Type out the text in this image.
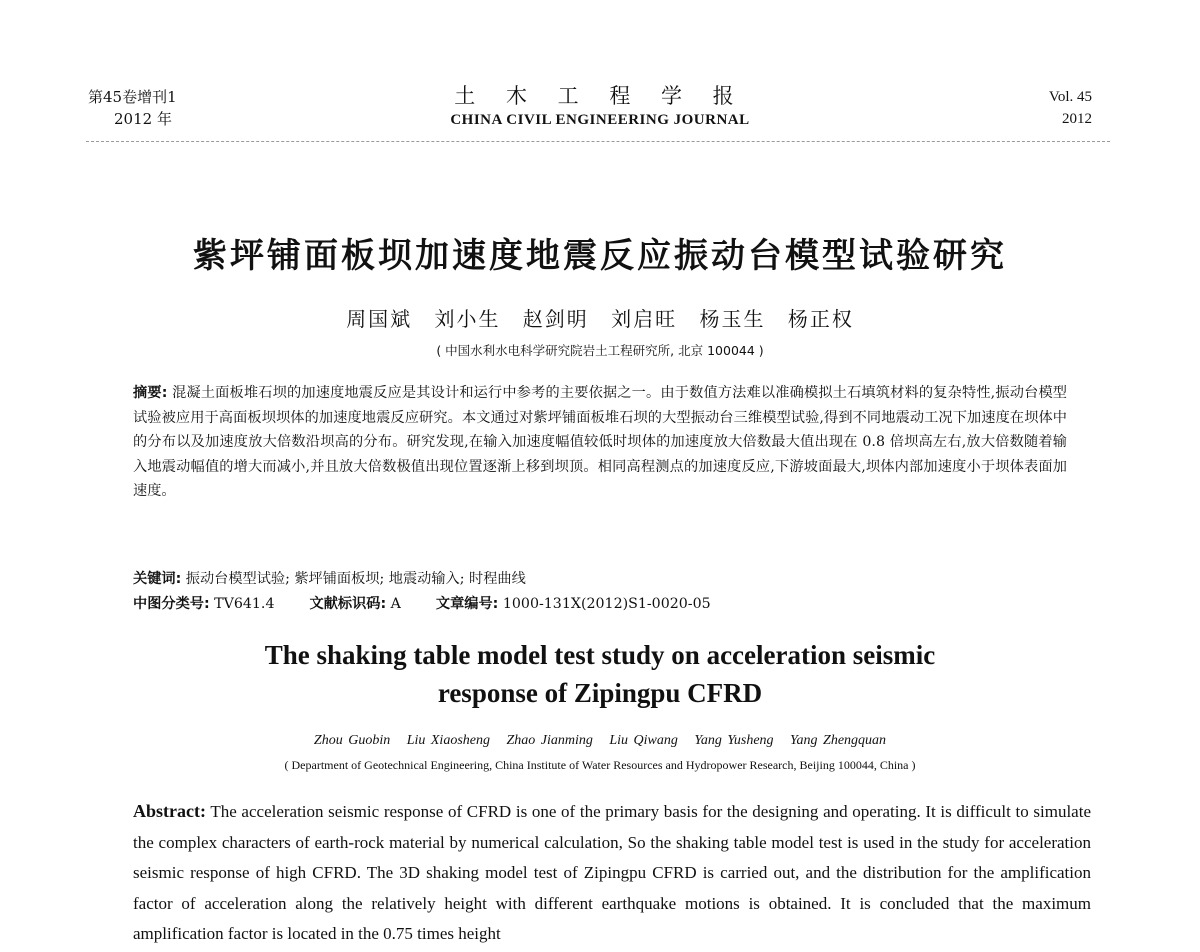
第45卷增刊1
2012 年
土 木 工 程 学 报
CHINA CIVIL ENGINEERING JOURNAL
Vol. 45
2012
紫坪铺面板坝加速度地震反应振动台模型试验研究
周国斌 刘小生 赵剑明 刘启旺 杨玉生 杨正权
( 中国水利水电科学研究院岩土工程研究所, 北京 100044 )
摘要: 混凝土面板堆石坝的加速度地震反应是其设计和运行中参考的主要依据之一。由于数值方法难以准确模拟土石填筑材料的复杂特性,振动台模型试验被应用于高面板坝坝体的加速度地震反应研究。本文通过对紫坪铺面板堆石坝的大型振动台三维模型试验,得到不同地震动工况下加速度在坝体中的分布以及加速度放大倍数沿坝高的分布。研究发现,在输入加速度幅值较低时坝体的加速度放大倍数最大值出现在 0.8 倍坝高左右,放大倍数随着输入地震动幅值的增大而减小,并且放大倍数极值出现位置逐渐上移到坝顶。相同高程测点的加速度反应,下游坡面最大,坝体内部加速度小于坝体表面加速度。
关键词: 振动台模型试验; 紫坪铺面板坝; 地震动输入; 时程曲线
中图分类号: TV641.4 文献标识码: A 文章编号: 1000-131X(2012)S1-0020-05
The shaking table model test study on acceleration seismic
response of Zipingpu CFRD
Zhou Guobin   Liu Xiaosheng   Zhao Jianming   Liu Qiwang   Yang Yusheng   Yang Zhengquan
( Department of Geotechnical Engineering, China Institute of Water Resources and Hydropower Research, Beijing 100044, China )
Abstract: The acceleration seismic response of CFRD is one of the primary basis for the designing and operating. It is difficult to simulate the complex characters of earth-rock material by numerical calculation, So the shaking table model test is used in the study for acceleration seismic response of high CFRD. The 3D shaking model test of Zipingpu CFRD is carried out, and the distribution for the amplification factor of acceleration along the relatively height with different earthquake motions is obtained. It is concluded that the maximum amplification factor is located in the 0.75 times height
